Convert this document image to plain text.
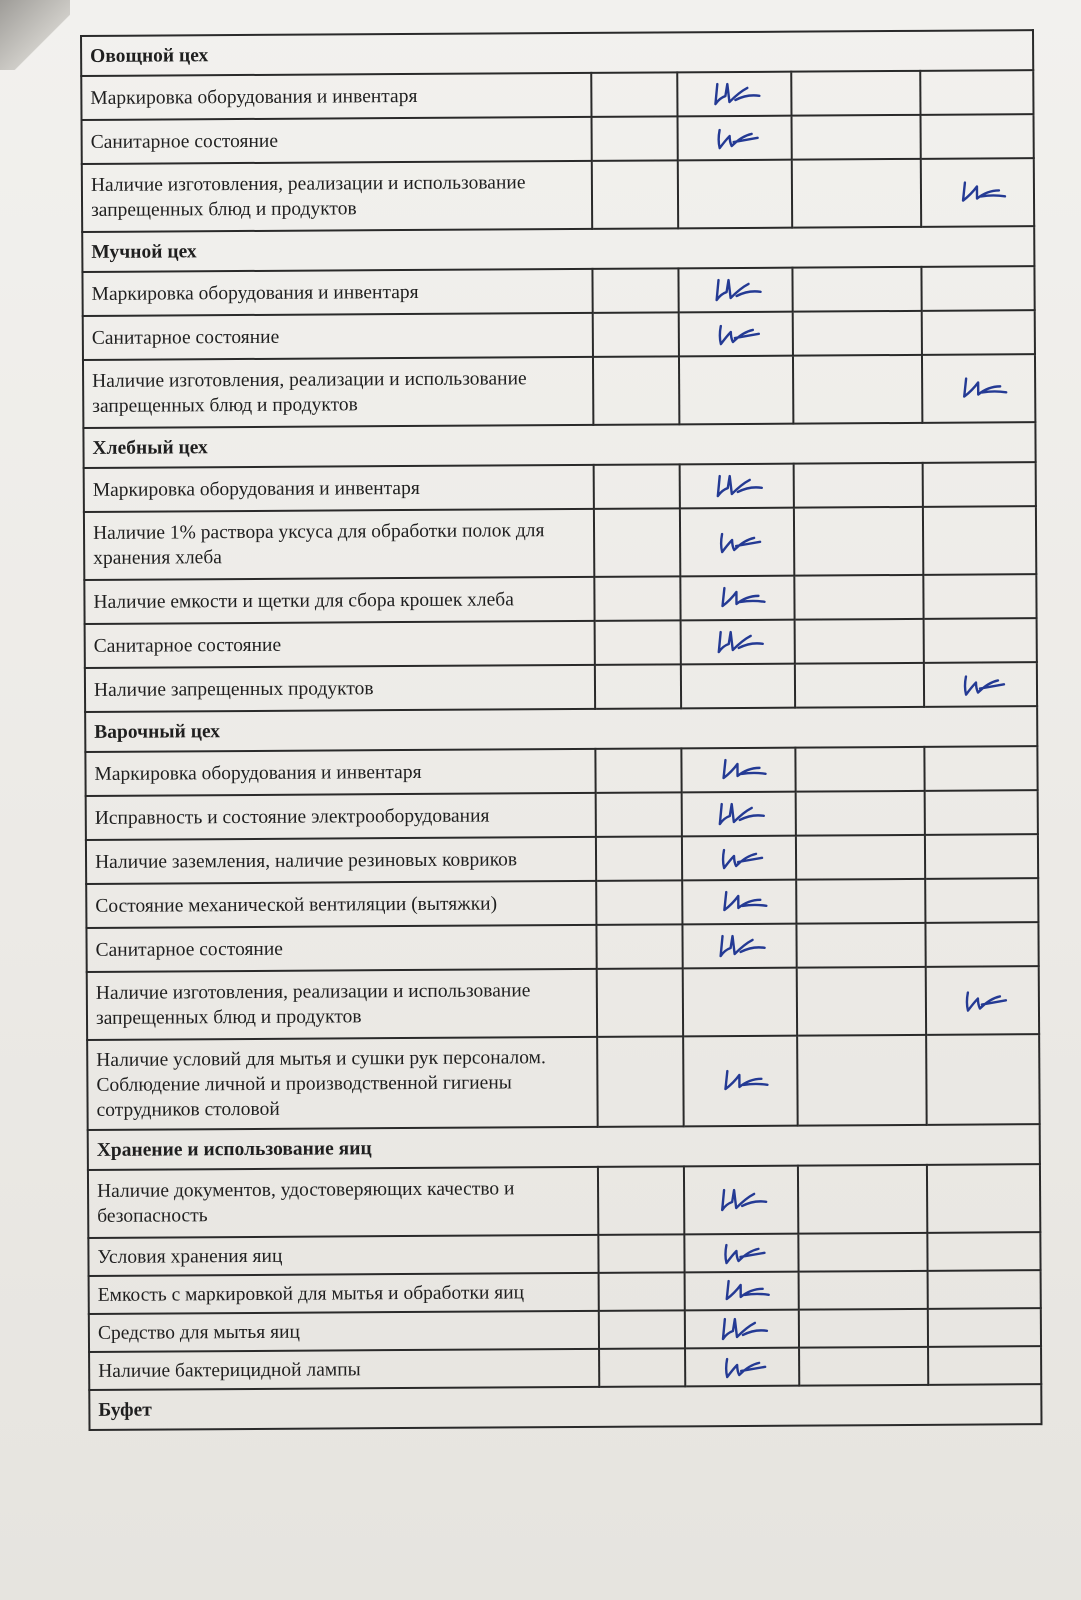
Овощной цех				
Маркировка оборудования и инвентаря		

Санитарное состояние		

Наличие изготовления, реализации и использование запрещенных блюд и продуктов				

Мучной цех				
Маркировка оборудования и инвентаря		

Санитарное состояние		

Наличие изготовления, реализации и использование запрещенных блюд и продуктов				

Хлебный цех				
Маркировка оборудования и инвентаря		

Наличие 1% раствора уксуса для обработки полок для хранения хлеба		

Наличие емкости и щетки для сбора крошек хлеба		

Санитарное состояние		

Наличие запрещенных продуктов				

Варочный цех				
Маркировка оборудования и инвентаря		

Исправность и состояние электрооборудования		

Наличие заземления, наличие резиновых ковриков		

Состояние механической вентиляции (вытяжки)		

Санитарное состояние		

Наличие изготовления, реализации и использование запрещенных блюд и продуктов				

Наличие условий для мытья и сушки рук персоналом. Соблюдение личной и производственной гигиены сотрудников столовой		

Хранение и использование яиц				
Наличие документов, удостоверяющих качество и безопасность		

Условия хранения яиц		

Емкость с маркировкой для мытья и обработки яиц		

Средство для мытья яиц		

Наличие бактерицидной лампы		

Буфет				
